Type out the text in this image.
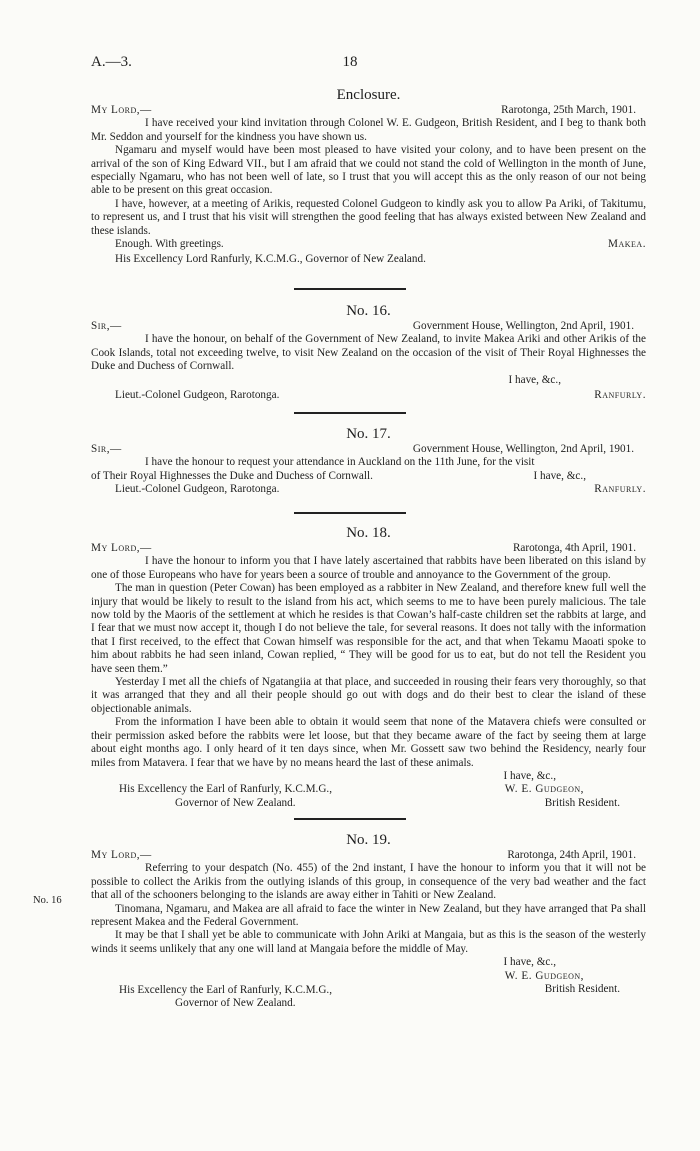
A.—3.	18
Enclosure.
My Lord,—	Rarotonga, 25th March, 1901.

I have received your kind invitation through Colonel W. E. Gudgeon, British Resident, and I beg to thank both Mr. Seddon and yourself for the kindness you have shown us.

Ngamaru and myself would have been most pleased to have visited your colony, and to have been present on the arrival of the son of King Edward VII., but I am afraid that we could not stand the cold of Wellington in the month of June, especially Ngamaru, who has not been well of late, so I trust that you will accept this as the only reason of our not being able to be present on this great occasion.

I have, however, at a meeting of Arikis, requested Colonel Gudgeon to kindly ask you to allow Pa Ariki, of Takitumu, to represent us, and I trust that his visit will strengthen the good feeling that has always existed between New Zealand and these islands.

Enough. With greetings.	Makea.

His Excellency Lord Ranfurly, K.C.M.G., Governor of New Zealand.

No. 16.
Sir,—	Government House, Wellington, 2nd April, 1901.

I have the honour, on behalf of the Government of New Zealand, to invite Makea Ariki and other Arikis of the Cook Islands, total not exceeding twelve, to visit New Zealand on the occasion of the visit of Their Royal Highnesses the Duke and Duchess of Cornwall.

I have, &c.,
Lieut.-Colonel Gudgeon, Rarotonga.	Ranfurly.
No. 17.
Sir,—	Government House, Wellington, 2nd April, 1901.

I have the honour to request your attendance in Auckland on the 11th June, for the visit

of Their Royal Highnesses the Duke and Duchess of Cornwall.	I have, &c.,
Lieut.-Colonel Gudgeon, Rarotonga.	Ranfurly.
No. 18.
My Lord,—	Rarotonga, 4th April, 1901.

I have the honour to inform you that I have lately ascertained that rabbits have been liberated on this island by one of those Europeans who have for years been a source of trouble and annoyance to the Government of the group.

The man in question (Peter Cowan) has been employed as a rabbiter in New Zealand, and therefore knew full well the injury that would be likely to result to the island from his act, which seems to me to have been purely malicious. The tale now told by the Maoris of the settlement at which he resides is that Cowan’s half-caste children set the rabbits at large, and I fear that we must now accept it, though I do not believe the tale, for several reasons. It does not tally with the information that I first received, to the effect that Cowan himself was responsible for the act, and that when Tekamu Maoati spoke to him about rabbits he had seen inland, Cowan replied, “ They will be good for us to eat, but do not tell the Resident you have seen them.”

Yesterday I met all the chiefs of Ngatangiia at that place, and succeeded in rousing their fears very thoroughly, so that it was arranged that they and all their people should go out with dogs and do their best to clear the island of these objectionable animals.

From the information I have been able to obtain it would seem that none of the Matavera chiefs were consulted or their permission asked before the rabbits were let loose, but that they became aware of the fact by seeing them at large about eight months ago. I only heard of it ten days since, when Mr. Gossett saw two behind the Residency, nearly four miles from Matavera. I fear that we have by no means heard the last of these animals.

I have, &c.,
His Excellency the Earl of Ranfurly, K.C.M.G.,
Governor of New Zealand.
W. E. Gudgeon,
British Resident.
No. 16
No. 19.
My Lord,—	Rarotonga, 24th April, 1901.

Referring to your despatch (No. 455) of the 2nd instant, I have the honour to inform you that it will not be possible to collect the Arikis from the outlying islands of this group, in consequence of the very bad weather and the fact that all of the schooners belonging to the islands are away either in Tahiti or New Zealand.

Tinomana, Ngamaru, and Makea are all afraid to face the winter in New Zealand, but they have arranged that Pa shall represent Makea and the Federal Government.

It may be that I shall yet be able to communicate with John Ariki at Mangaia, but as this is the season of the westerly winds it seems unlikely that any one will land at Mangaia before the middle of May.

I have, &c.,
His Excellency the Earl of Ranfurly, K.C.M.G.,
Governor of New Zealand.
W. E. Gudgeon,
British Resident.
